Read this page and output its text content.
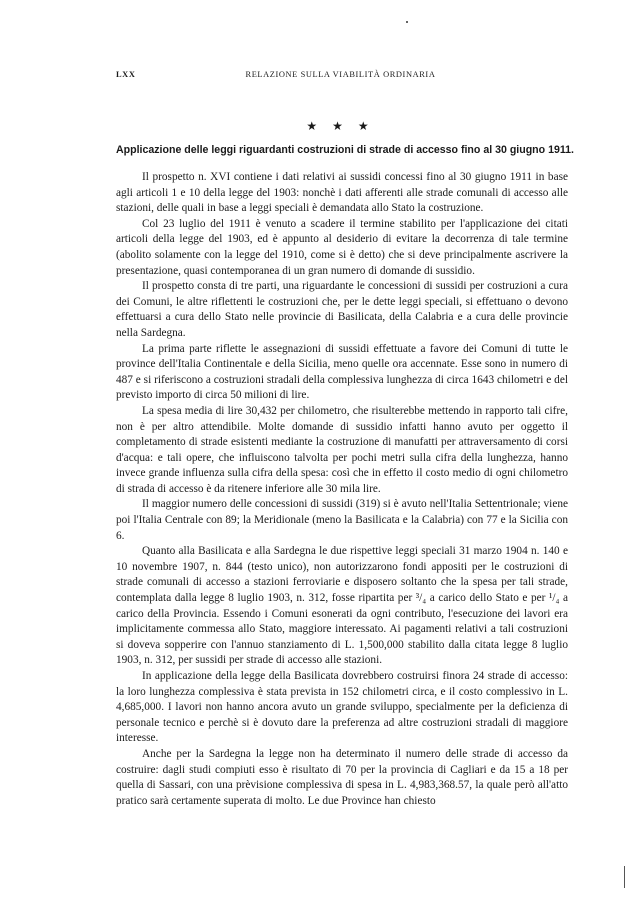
LXX	RELAZIONE SULLA VIABILITÀ ORDINARIA
★ ★ ★
Applicazione delle leggi riguardanti costruzioni di strade di accesso fino al 30 giugno 1911.

Il prospetto n. XVI contiene i dati relativi ai sussidi concessi fino al 30 giugno 1911 in base agli articoli 1 e 10 della legge del 1903: nonchè i dati afferenti alle strade comunali di accesso alle stazioni, delle quali in base a leggi speciali è demandata allo Stato la costruzione.

Col 23 luglio del 1911 è venuto a scadere il termine stabilito per l'applicazione dei citati articoli della legge del 1903, ed è appunto al desiderio di evitare la decorrenza di tale termine (abolito solamente con la legge del 1910, come si è detto) che si deve principalmente ascrivere la presentazione, quasi contemporanea di un gran numero di domande di sussidio.

Il prospetto consta di tre parti, una riguardante le concessioni di sussidi per costruzioni a cura dei Comuni, le altre riflettenti le costruzioni che, per le dette leggi speciali, si effettuano o devono effettuarsi a cura dello Stato nelle provincie di Basilicata, della Calabria e a cura delle provincie nella Sardegna.

La prima parte riflette le assegnazioni di sussidi effettuate a favore dei Comuni di tutte le province dell'Italia Continentale e della Sicilia, meno quelle ora accennate. Esse sono in numero di 487 e si riferiscono a costruzioni stradali della complessiva lunghezza di circa 1643 chilometri e del previsto importo di circa 50 milioni di lire.

La spesa media di lire 30,432 per chilometro, che risulterebbe mettendo in rapporto tali cifre, non è per altro attendibile. Molte domande di sussidio infatti hanno avuto per oggetto il completamento di strade esistenti mediante la costruzione di manufatti per attraversamento di corsi d'acqua: e tali opere, che influiscono talvolta per pochi metri sulla cifra della lunghezza, hanno invece grande influenza sulla cifra della spesa: così che in effetto il costo medio di ogni chilometro di strada di accesso è da ritenere inferiore alle 30 mila lire.

Il maggior numero delle concessioni di sussidi (319) si è avuto nell'Italia Settentrionale; viene poi l'Italia Centrale con 89; la Meridionale (meno la Basilicata e la Calabria) con 77 e la Sicilia con 6.

Quanto alla Basilicata e alla Sardegna le due rispettive leggi speciali 31 marzo 1904 n. 140 e 10 novembre 1907, n. 844 (testo unico), non autorizzarono fondi appositi per le costruzioni di strade comunali di accesso a stazioni ferroviarie e disposero soltanto che la spesa per tali strade, contemplata dalla legge 8 luglio 1903, n. 312, fosse ripartita per ³/₄ a carico dello Stato e per ¹/₄ a carico della Provincia. Essendo i Comuni esonerati da ogni contributo, l'esecuzione dei lavori era implicitamente commessa allo Stato, maggiore interessato. Ai pagamenti relativi a tali costruzioni si doveva sopperire con l'annuo stanziamento di L. 1,500,000 stabilito dalla citata legge 8 luglio 1903, n. 312, per sussidi per strade di accesso alle stazioni.

In applicazione della legge della Basilicata dovrebbero costruirsi finora 24 strade di accesso: la loro lunghezza complessiva è stata prevista in 152 chilometri circa, e il costo complessivo in L. 4,685,000. I lavori non hanno ancora avuto un grande sviluppo, specialmente per la deficienza di personale tecnico e perchè si è dovuto dare la preferenza ad altre costruzioni stradali di maggiore interesse.

Anche per la Sardegna la legge non ha determinato il numero delle strade di accesso da costruire: dagli studi compiuti esso è risultato di 70 per la provincia di Cagliari e da 15 a 18 per quella di Sassari, con una prèvisione complessiva di spesa in L. 4,983,368.57, la quale però all'atto pratico sarà certamente superata di molto. Le due Province han chiesto
